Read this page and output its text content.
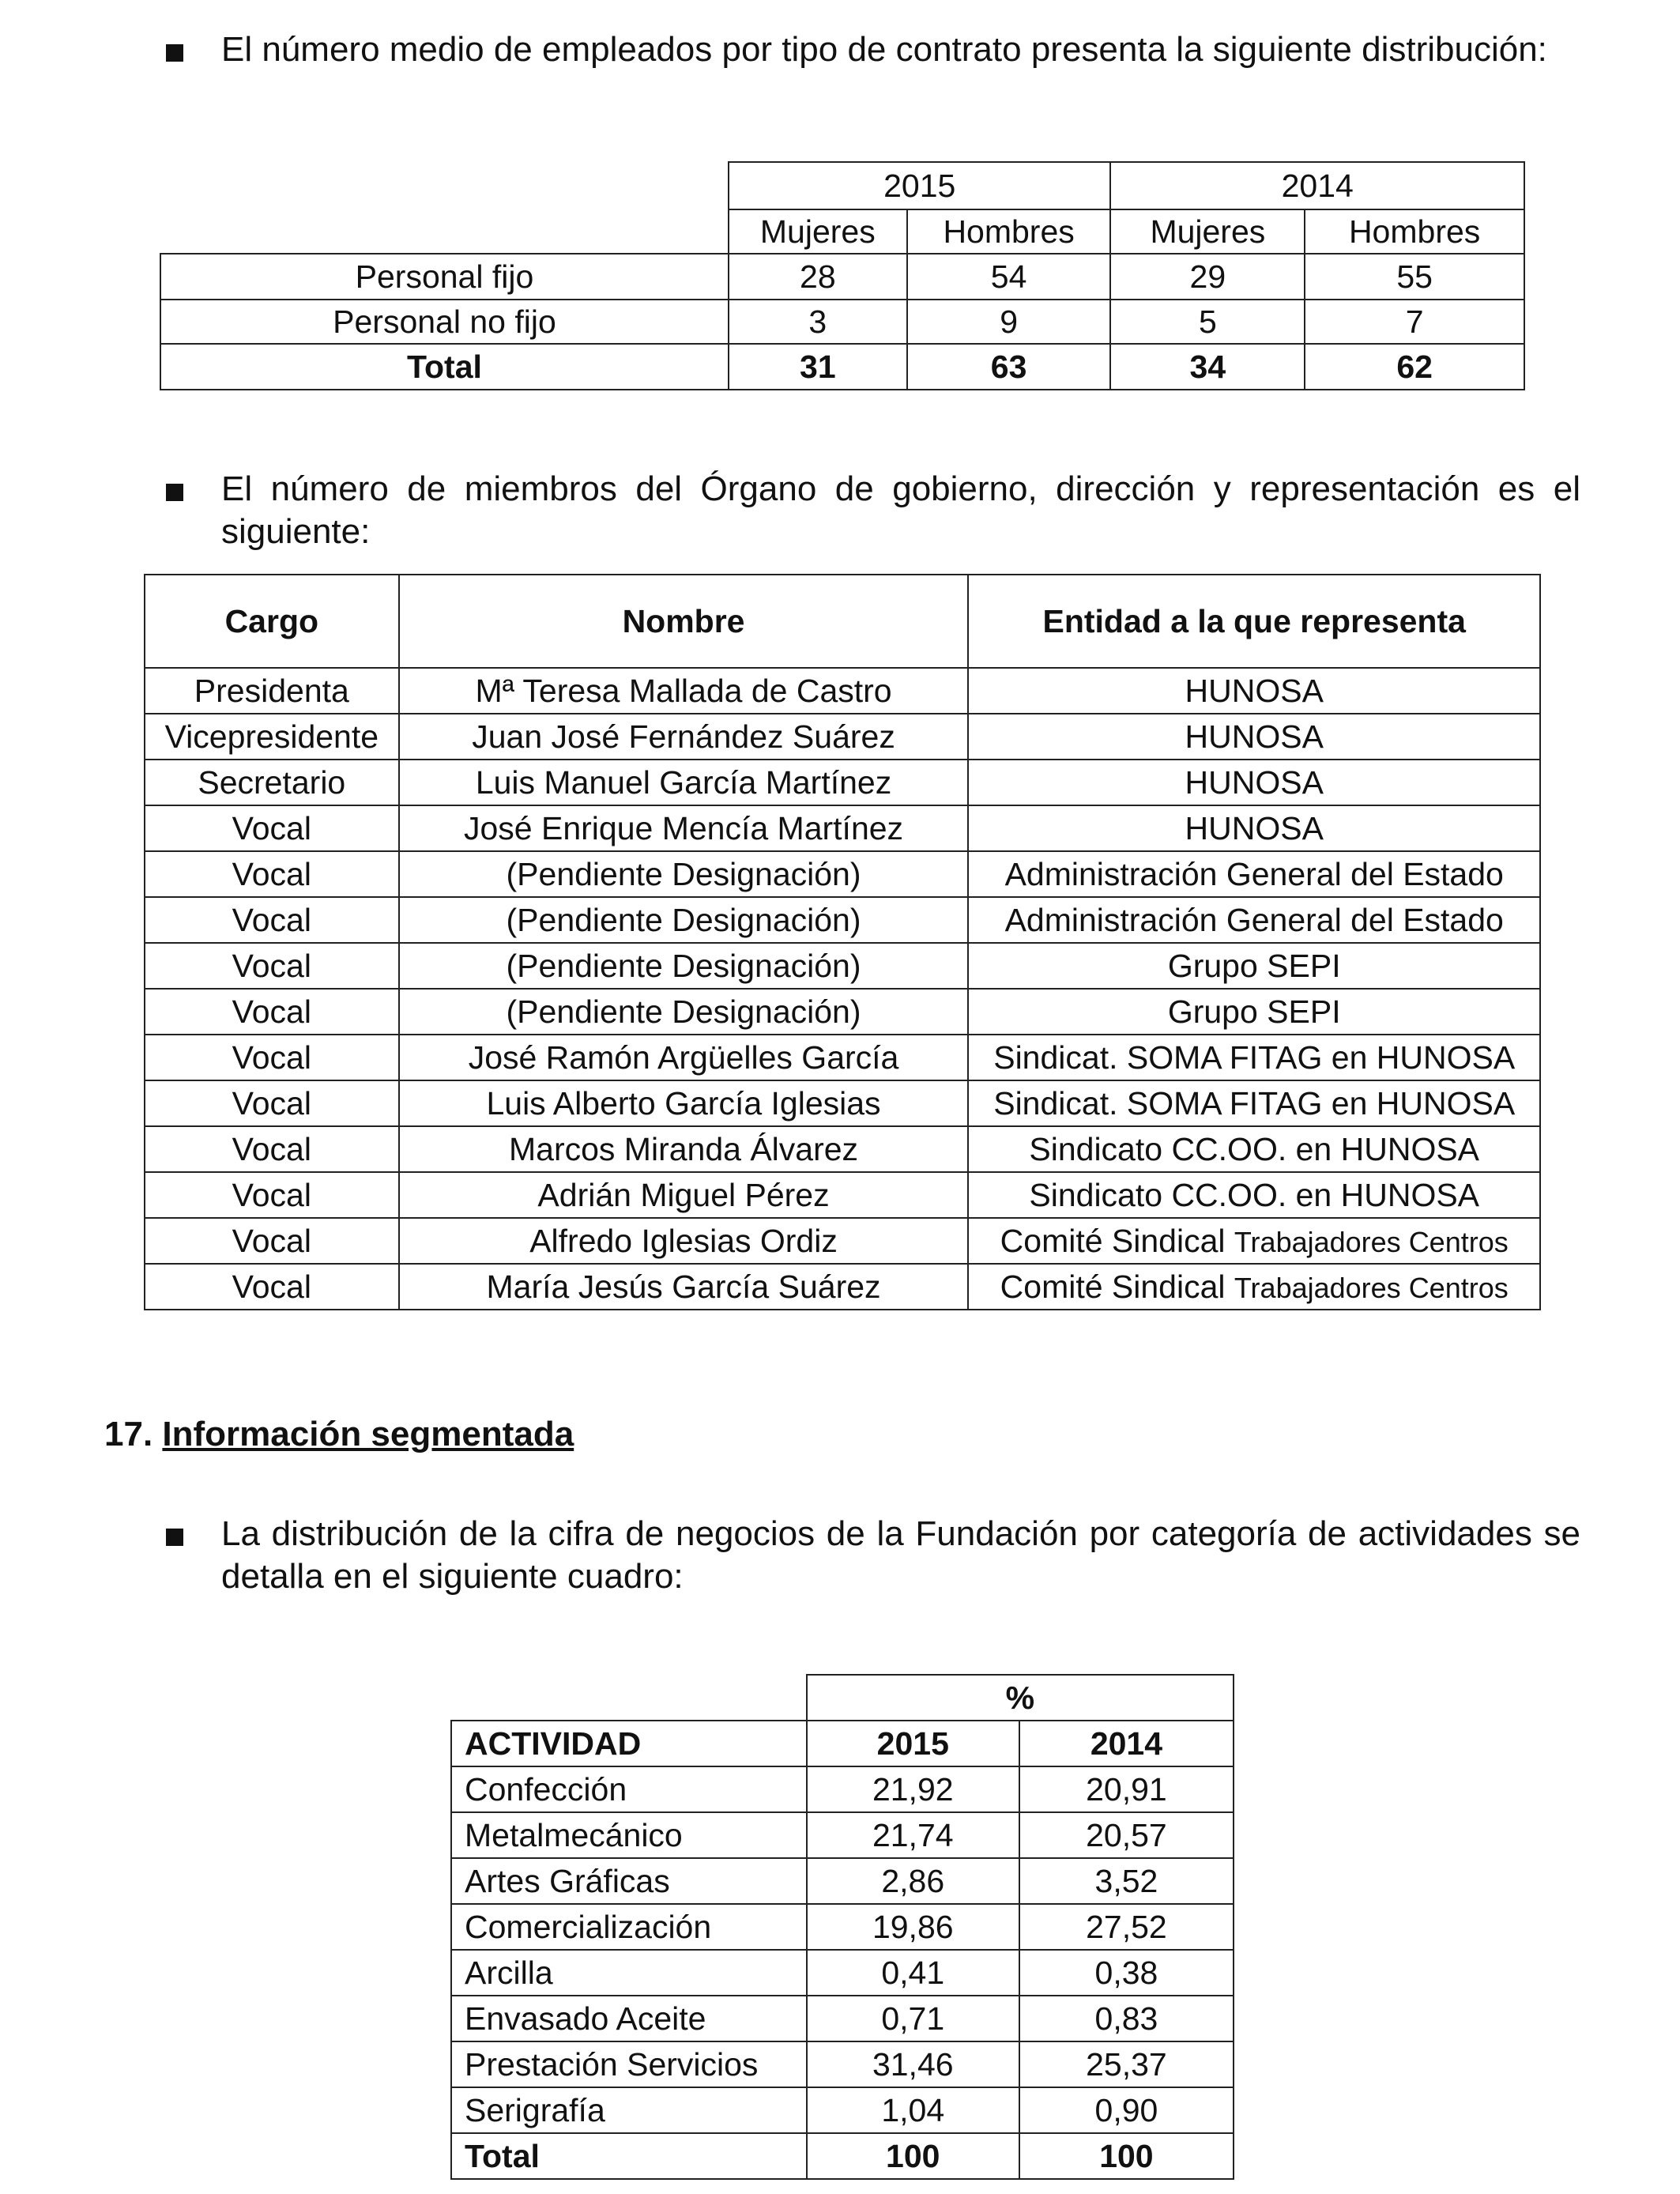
El número medio de empleados por tipo de contrato presenta la siguiente distribución:
	2015		2014	
	Mujeres	Hombres	Mujeres	Hombres
Personal fijo	28	54	29	55
Personal no fijo	3	9	5	7
Total	31	63	34	62
El número de miembros del Órgano de gobierno, dirección y representación es el siguiente:
Cargo	Nombre	Entidad a la que representa
Presidenta	Mª Teresa Mallada de Castro	HUNOSA
Vicepresidente	Juan José Fernández Suárez	HUNOSA
Secretario	Luis Manuel García Martínez	HUNOSA
Vocal	José Enrique Mencía Martínez	HUNOSA
Vocal	(Pendiente Designación)	Administración General del Estado
Vocal	(Pendiente Designación)	Administración General del Estado
Vocal	(Pendiente Designación)	Grupo SEPI
Vocal	(Pendiente Designación)	Grupo SEPI
Vocal	José Ramón Argüelles García	Sindicat. SOMA FITAG en HUNOSA
Vocal	Luis Alberto García Iglesias	Sindicat. SOMA FITAG en HUNOSA
Vocal	Marcos Miranda Álvarez	Sindicato CC.OO. en HUNOSA
Vocal	Adrián Miguel Pérez	Sindicato CC.OO. en HUNOSA
Vocal	Alfredo Iglesias Ordiz	Comité Sindical Trabajadores Centros
Vocal	María Jesús García Suárez	Comité Sindical Trabajadores Centros
17. Información segmentada
La distribución de la cifra de negocios de la Fundación por categoría de actividades se detalla en el siguiente cuadro:
	%	
ACTIVIDAD	2015	2014
Confección	21,92	20,91
Metalmecánico	21,74	20,57
Artes Gráficas	2,86	3,52
Comercialización	19,86	27,52
Arcilla	0,41	0,38
Envasado Aceite	0,71	0,83
Prestación Servicios	31,46	25,37
Serigrafía	1,04	0,90
Total	100	100
